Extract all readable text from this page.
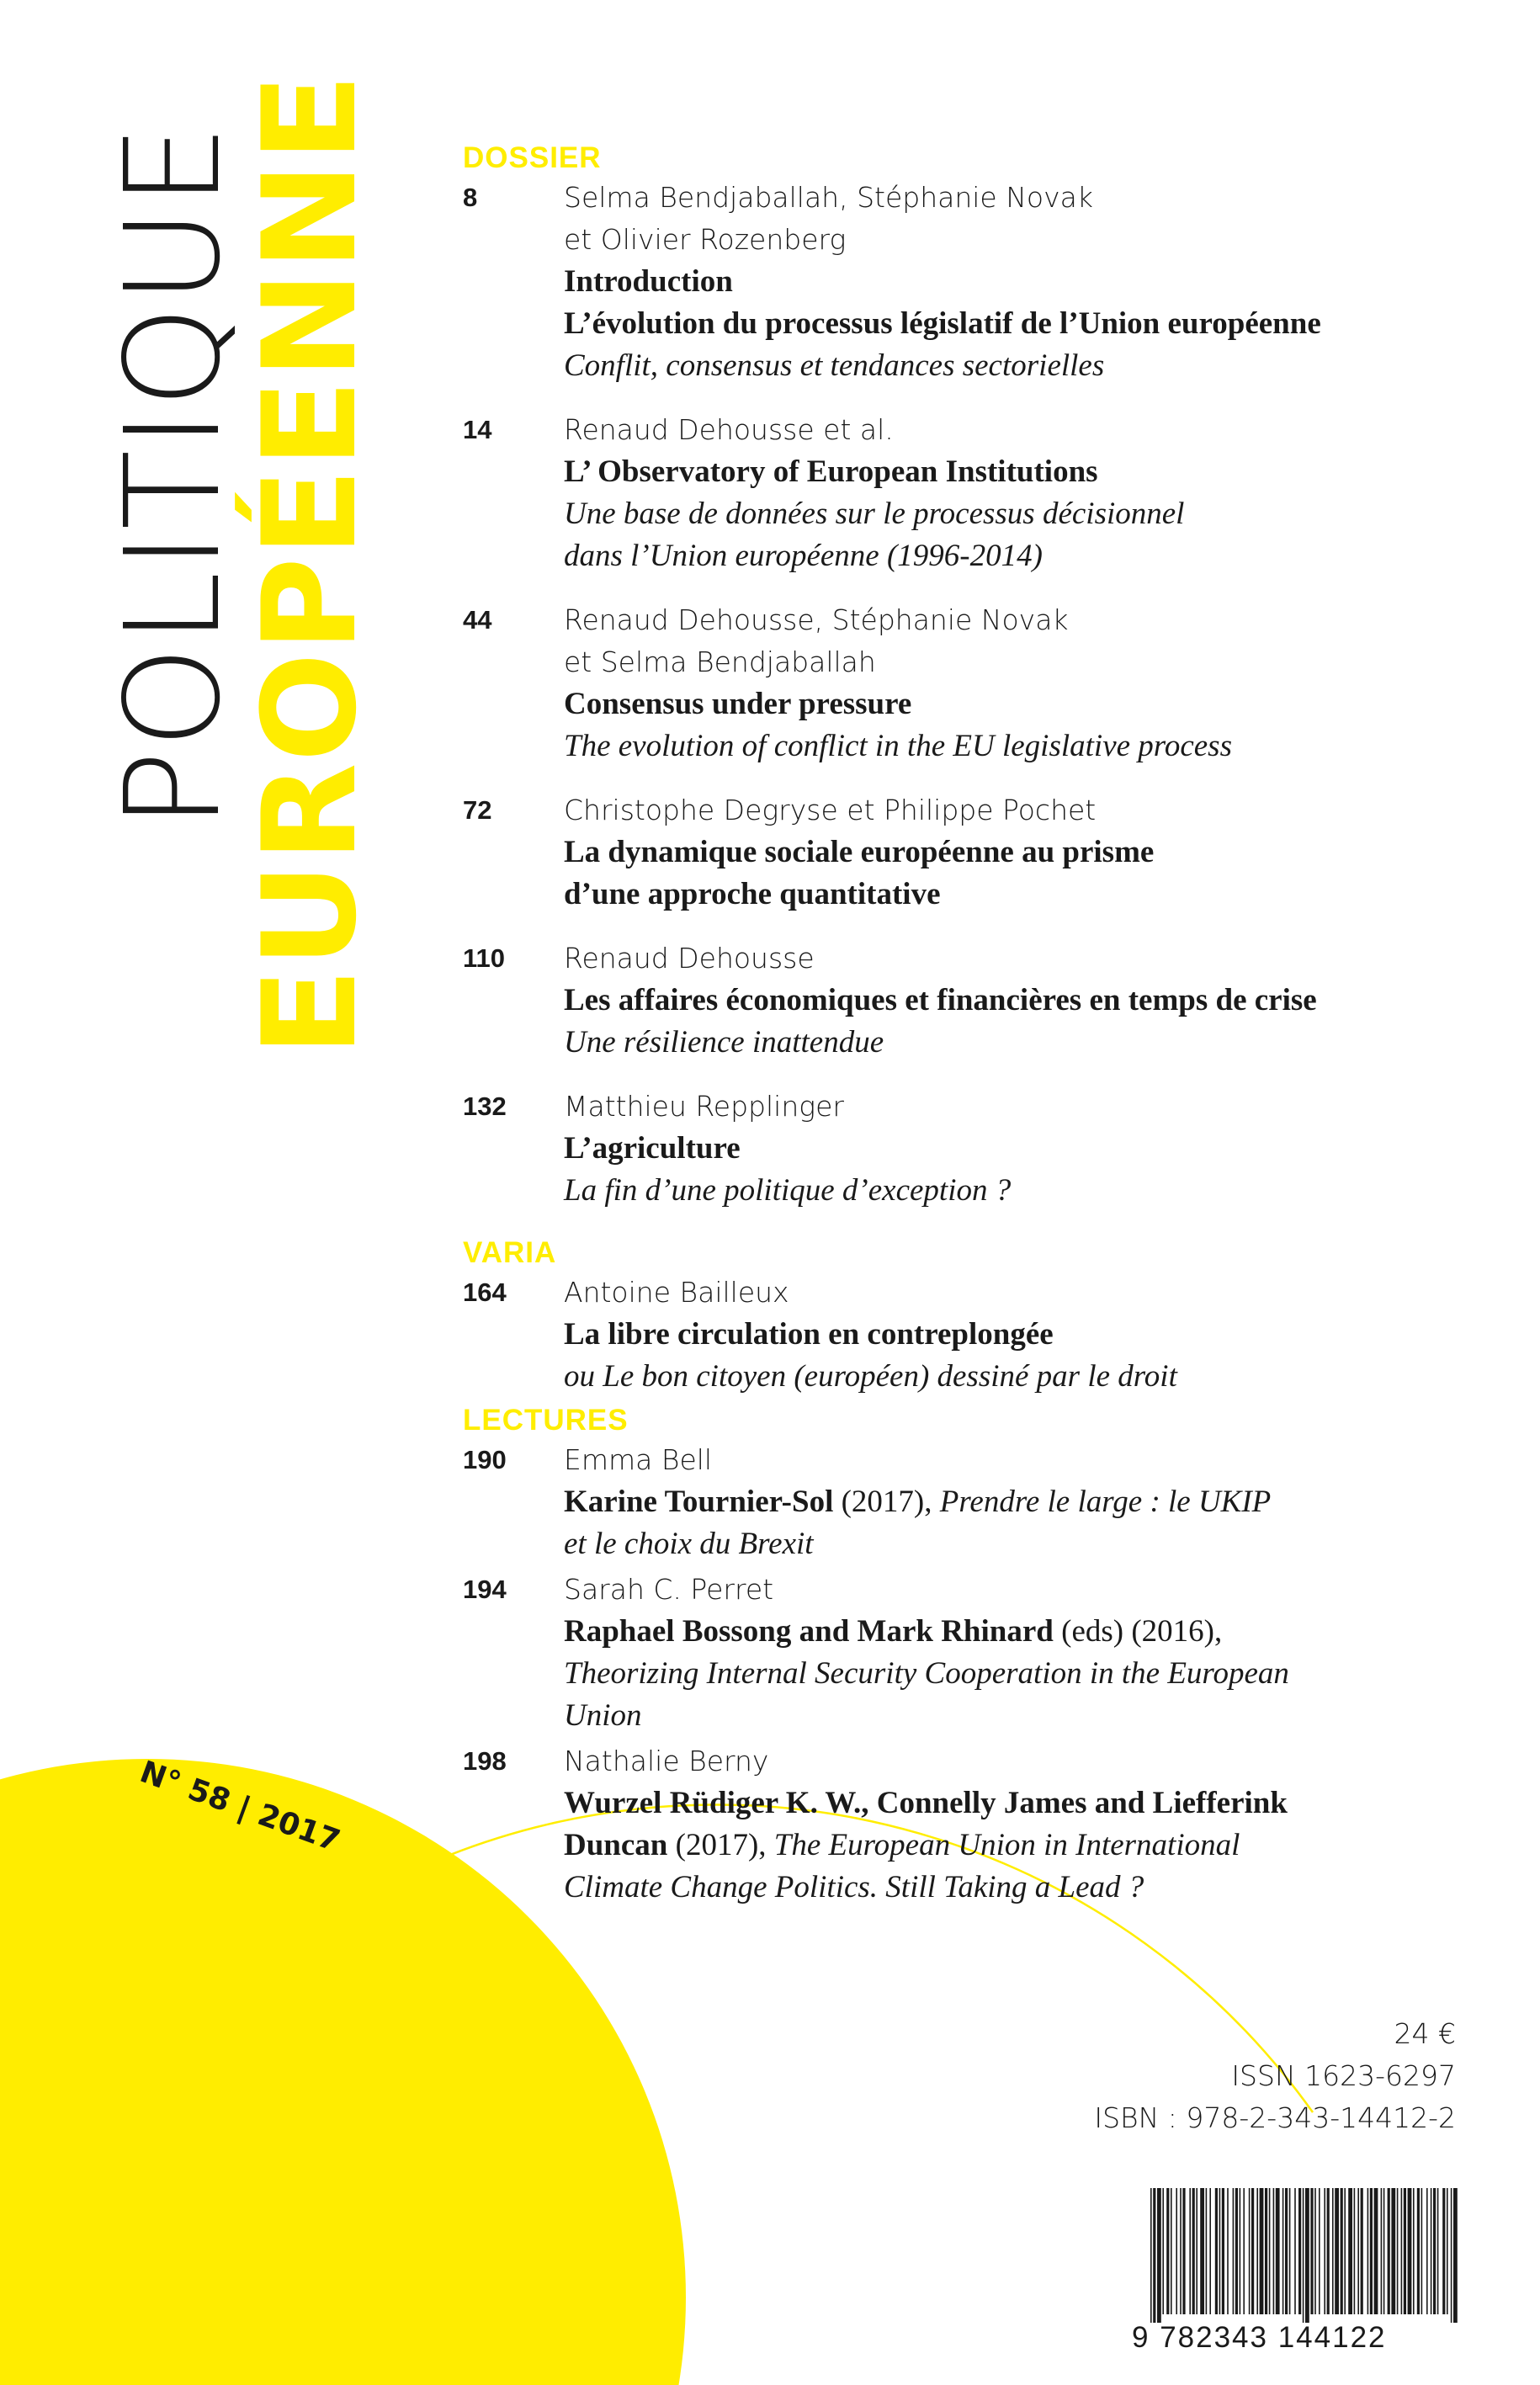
POLITIQUE
EUROPÉENNE
N° 58 | 2017
DOSSIER
8	Selma Bendjaballah, Stéphanie Novak
et Olivier Rozenberg
Introduction
L’évolution du processus législatif de l’Union européenne
Conflit, consensus et tendances sectorielles
14	Renaud Dehousse et al.
L’ Observatory of European Institutions
Une base de données sur le processus décisionnel
dans l’Union européenne (1996-2014)
44	Renaud Dehousse, Stéphanie Novak
et Selma Bendjaballah
Consensus under pressure
The evolution of conflict in the EU legislative process
72	Christophe Degryse et Philippe Pochet
La dynamique sociale européenne au prisme
d’une approche quantitative
110	Renaud Dehousse
Les affaires économiques et financières en temps de crise
Une résilience inattendue
132	Matthieu Repplinger
L’agriculture
La fin d’une politique d’exception ?
VARIA
164	Antoine Bailleux
La libre circulation en contreplongée
ou Le bon citoyen (européen) dessiné par le droit
LECTURES
190	Emma Bell
Karine Tournier-Sol (2017), Prendre le large : le UKIP
et le choix du Brexit
194	Sarah C. Perret
Raphael Bossong and Mark Rhinard (eds) (2016),
Theorizing Internal Security Cooperation in the European
Union
198	Nathalie Berny
Wurzel Rüdiger K. W., Connelly James and Liefferink
Duncan (2017), The European Union in International
Climate Change Politics. Still Taking a Lead ?
24 €
ISSN 1623-6297
ISBN : 978-2-343-14412-2
9 782343 144122
